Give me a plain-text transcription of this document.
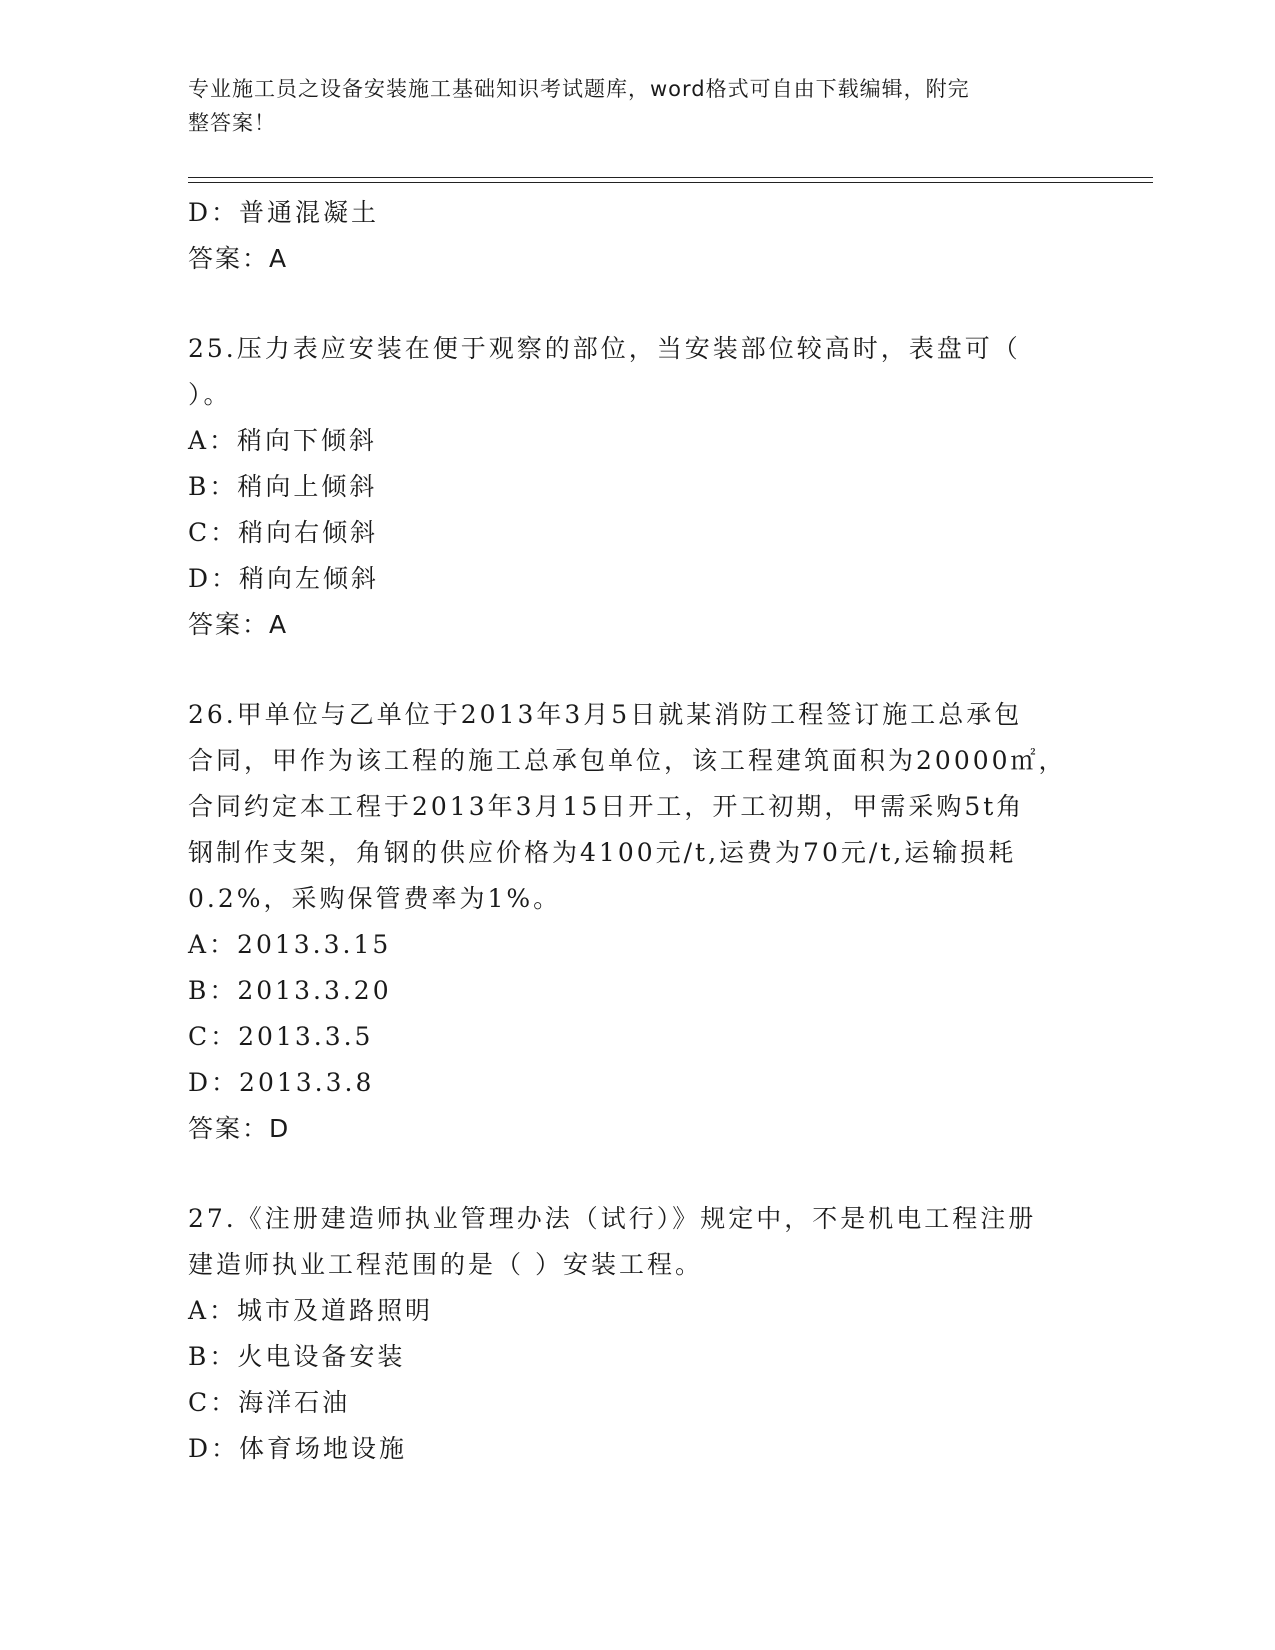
专业施工员之设备安装施工基础知识考试题库，word格式可自由下载编辑，附完
整答案！
D：普通混凝土
答案：A
25.压力表应安装在便于观察的部位，当安装部位较高时，表盘可（
）。
A：稍向下倾斜
B：稍向上倾斜
C：稍向右倾斜
D：稍向左倾斜
答案：A
26.甲单位与乙单位于2013年3月5日就某消防工程签订施工总承包
合同，甲作为该工程的施工总承包单位，该工程建筑面积为20000㎡，
合同约定本工程于2013年3月15日开工，开工初期，甲需采购5t角
钢制作支架，角钢的供应价格为4100元/t,运费为70元/t,运输损耗
0.2%，采购保管费率为1%。
A：2013.3.15
B：2013.3.20
C：2013.3.5
D：2013.3.8
答案：D
27.《注册建造师执业管理办法（试行）》规定中，不是机电工程注册
建造师执业工程范围的是（ ）安装工程。
A：城市及道路照明
B：火电设备安装
C：海洋石油
D：体育场地设施
